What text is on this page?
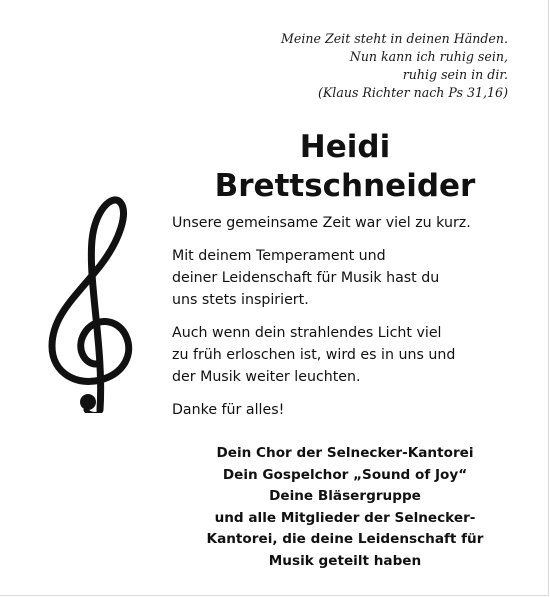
Meine Zeit steht in deinen Händen.
Nun kann ich ruhig sein,
ruhig sein in dir.
(Klaus Richter nach Ps 31,16)
Heidi
Brettschneider

Unsere gemeinsame Zeit war viel zu kurz.

Mit deinem Temperament und
deiner Leidenschaft für Musik hast du
uns stets inspiriert.

Auch wenn dein strahlendes Licht viel
zu früh erloschen ist, wird es in uns und
der Musik weiter leuchten.

Danke für alles!

Dein Chor der Selnecker-Kantorei
Dein Gospelchor „Sound of Joy“
Deine Bläsergruppe
und alle Mitglieder der Selnecker-
Kantorei, die deine Leidenschaft für
Musik geteilt haben
